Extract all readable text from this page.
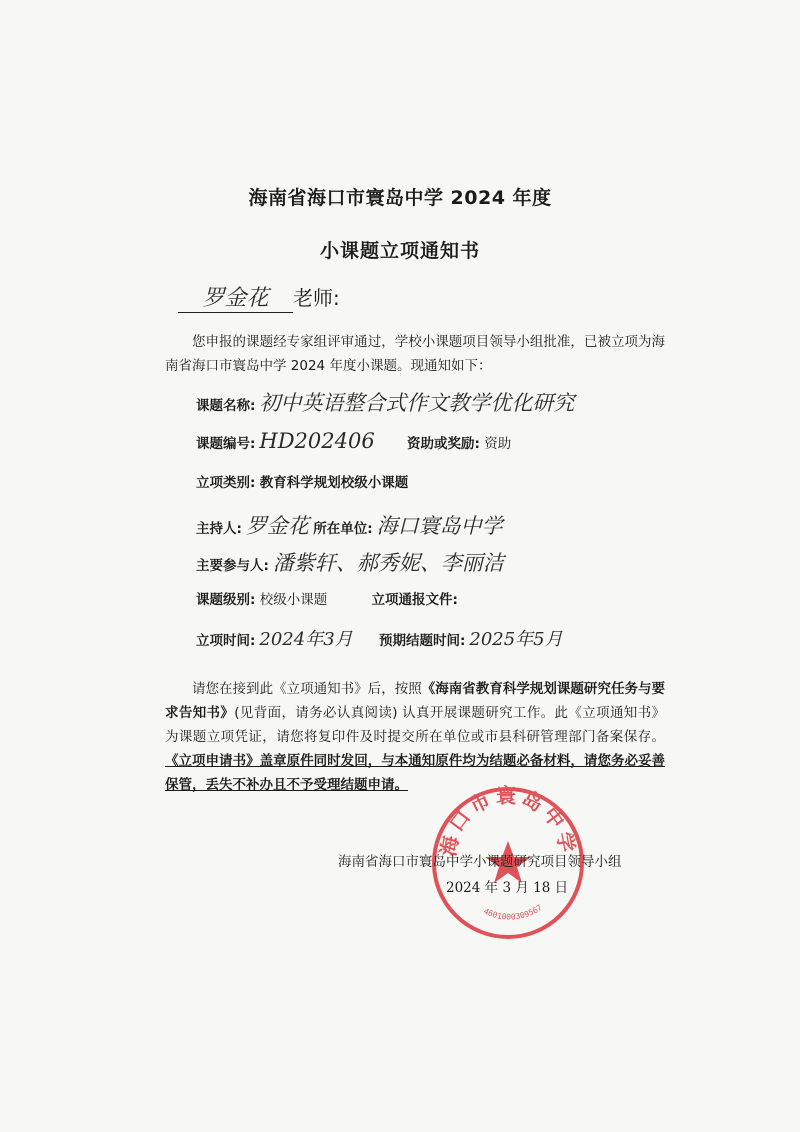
海南省海口市寰岛中学 2024 年度
小课题立项通知书
罗金花 老师:
您申报的课题经专家组评审通过，学校小课题项目领导小组批准，已被立项为海南省海口市寰岛中学 2024 年度小课题。现通知如下：
课题名称: 初中英语整合式作文教学优化研究
课题编号: HD202406 资助或奖励: 资助
立项类别: 教育科学规划校级小课题
主持人: 罗金花 所在单位: 海口寰岛中学
主要参与人: 潘紫轩、郝秀妮、李丽洁
课题级别: 校级小课题	立项通报文件:
立项时间: 2024年3月 预期结题时间: 2025年5月
请您在接到此《立项通知书》后，按照《海南省教育科学规划课题研究任务与要求告知书》(见背面，请务必认真阅读) 认真开展课题研究工作。此《立项通知书》为课题立项凭证，请您将复印件及时提交所在单位或市县科研管理部门备案保存。《立项申请书》盖章原件同时发回，与本通知原件均为结题必备材料，请您务必妥善保管，丢失不补办且不予受理结题申请。
海口市寰岛中学
4601000309567
海南省海口市寰岛中学小课题研究项目领导小组
2024 年 3 月 18 日
